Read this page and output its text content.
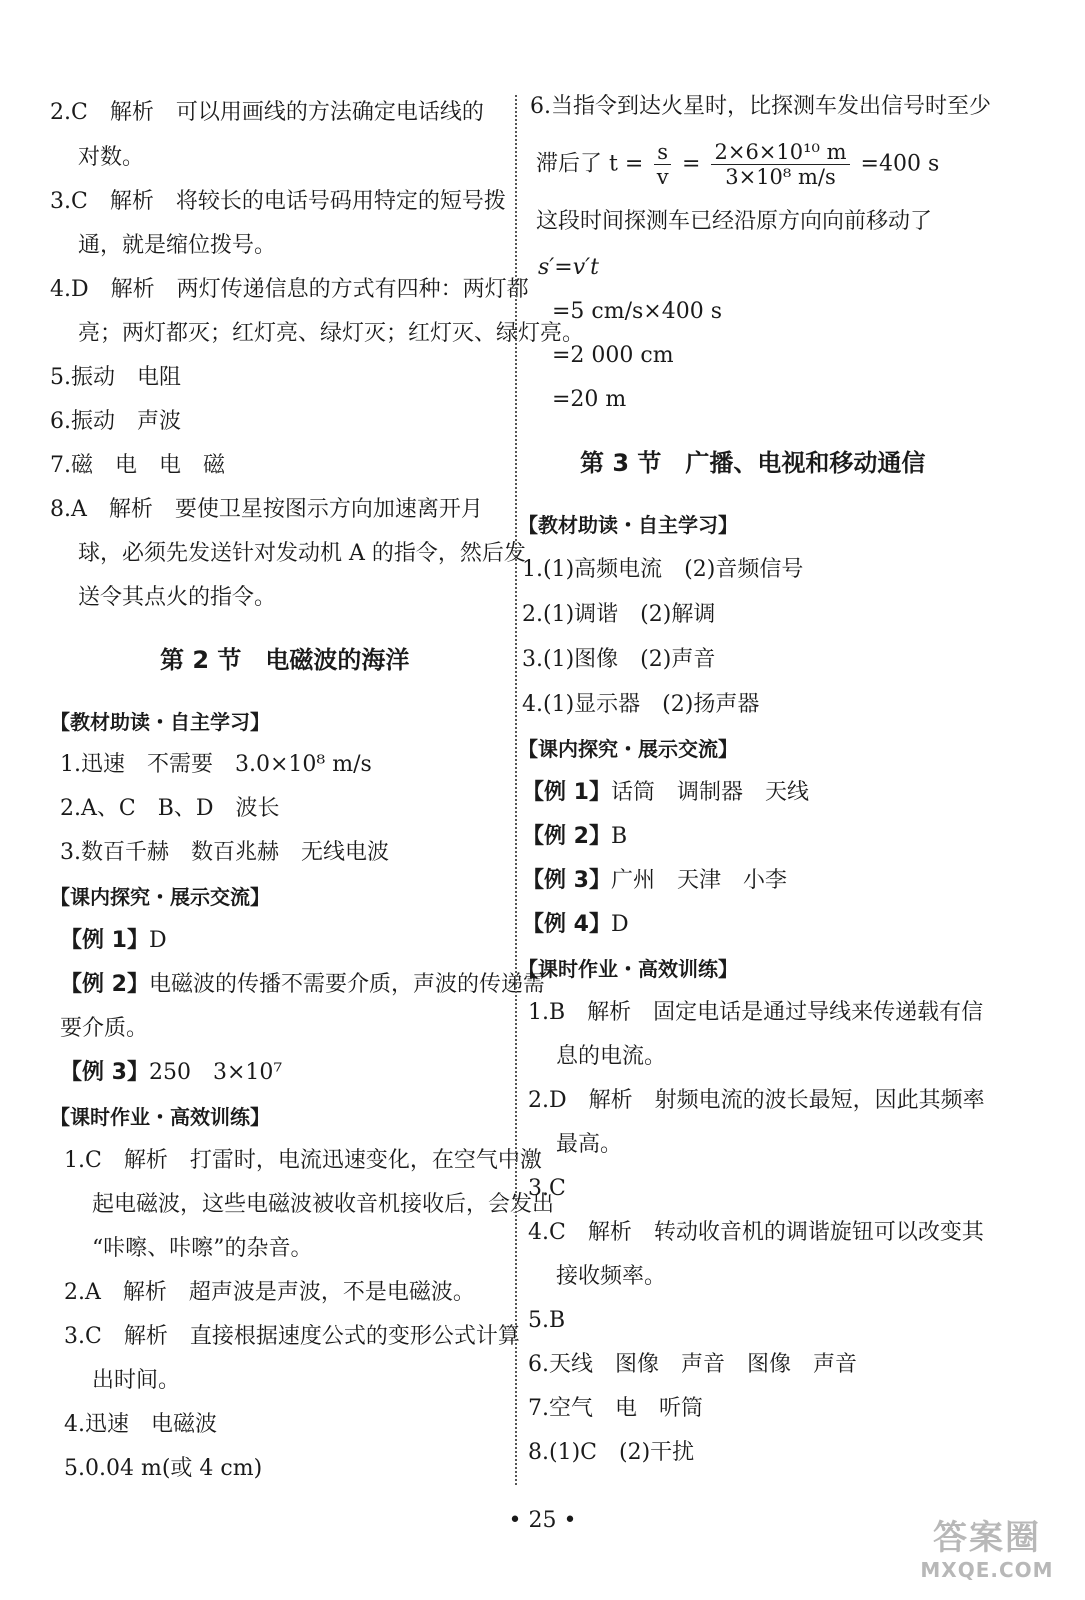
2.C　解析　可以用画线的方法确定电话线的
对数。
3.C　解析　将较长的电话号码用特定的短号拨
通，就是缩位拨号。
4.D　解析　两灯传递信息的方式有四种：两灯都
亮；两灯都灭；红灯亮、绿灯灭；红灯灭、绿灯亮。
5.振动　电阻
6.振动　声波
7.磁　电　电　磁
8.A　解析　要使卫星按图示方向加速离开月
球，必须先发送针对发动机 A 的指令，然后发
送令其点火的指令。
第 2 节　电磁波的海洋
【教材助读・自主学习】
1.迅速　不需要　3.0×10⁸ m/s
2.A、C　B、D　波长
3.数百千赫　数百兆赫　无线电波
【课内探究・展示交流】
【例 1】D
【例 2】电磁波的传播不需要介质，声波的传递需
要介质。
【例 3】250　3×10⁷
【课时作业・高效训练】
1.C　解析　打雷时，电流迅速变化，在空气中激
起电磁波，这些电磁波被收音机接收后，会发出
“咔嚓、咔嚓”的杂音。
2.A　解析　超声波是声波，不是电磁波。
3.C　解析　直接根据速度公式的变形公式计算
出时间。
4.迅速　电磁波
5.0.04 m(或 4 cm)
6.当指令到达火星时，比探测车发出信号时至少
滞后了 $t = \frac{s}{v} = \frac{\text{2×6×10¹⁰ m}}{\text{3×10⁸ m/s}} =400$ s
这段时间探测车已经沿原方向向前移动了
s′=v′t
=5 cm/s×400 s
=2 000 cm
=20 m
第 3 节　广播、电视和移动通信
【教材助读・自主学习】
1.(1)高频电流　(2)音频信号
2.(1)调谐　(2)解调
3.(1)图像　(2)声音
4.(1)显示器　(2)扬声器
【课内探究・展示交流】
【例 1】话筒　调制器　天线
【例 2】B
【例 3】广州　天津　小李
【例 4】D
【课时作业・高效训练】
1.B　解析　固定电话是通过导线来传递载有信
息的电流。
2.D　解析　射频电流的波长最短，因此其频率
最高。
3.C
4.C　解析　转动收音机的调谐旋钮可以改变其
接收频率。
5.B
6.天线　图像　声音　图像　声音
7.空气　电　听筒
8.(1)C　(2)干扰
• 25 •	答案圈
MXQE.COM
